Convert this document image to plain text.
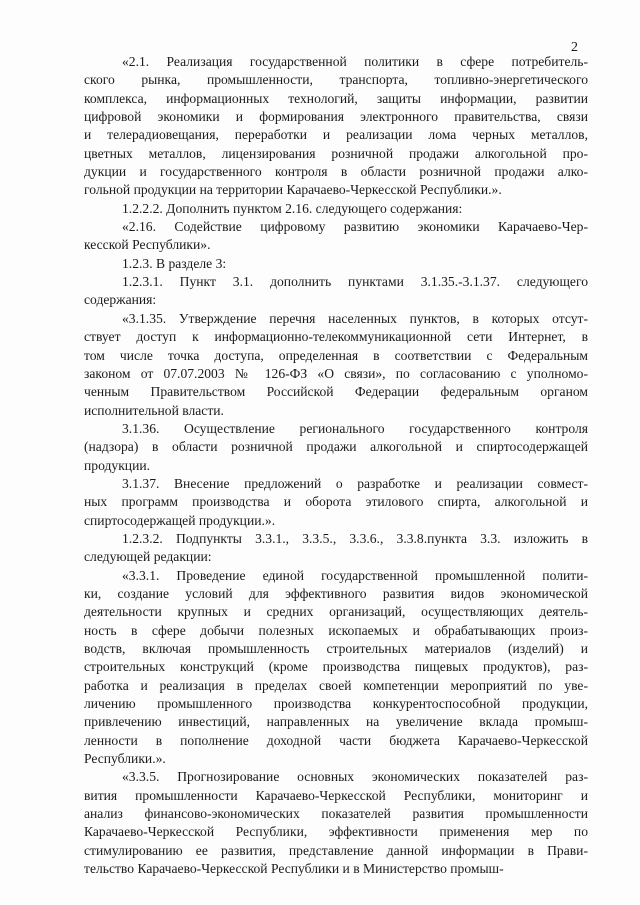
2
«2.1. Реализация государственной политики в сфере потребитель-
ского рынка, промышленности, транспорта, топливно-энергетического
комплекса, информационных технологий, защиты информации, развитии
цифровой экономики и формирования электронного правительства, связи
и телерадиовещания, переработки и реализации лома черных металлов,
цветных металлов, лицензирования розничной продажи алкогольной про-
дукции и государственного контроля в области розничной продажи алко-
гольной продукции на территории Карачаево-Черкесской Республики.».
1.2.2.2. Дополнить пунктом 2.16. следующего содержания:
«2.16. Содействие цифровому развитию экономики Карачаево-Чер-
кесской Республики».
1.2.3. В разделе 3:
1.2.3.1. Пункт 3.1. дополнить пунктами 3.1.35.-3.1.37. следующего
содержания:
«3.1.35. Утверждение перечня населенных пунктов, в которых отсут-
ствует доступ к информационно-телекоммуникационной сети Интернет, в
том числе точка доступа, определенная в соответствии с Федеральным
законом от 07.07.2003 № 126-ФЗ «О связи», по согласованию с уполномо-
ченным Правительством Российской Федерации федеральным органом
исполнительной власти.
3.1.36. Осуществление регионального государственного контроля
(надзора) в области розничной продажи алкогольной и спиртосодержащей
продукции.
3.1.37. Внесение предложений о разработке и реализации совмест-
ных программ производства и оборота этилового спирта, алкогольной и
спиртосодержащей продукции.».
1.2.3.2. Подпункты 3.3.1., 3.3.5., 3.3.6., 3.3.8.пункта 3.3. изложить в
следующей редакции:
«3.3.1. Проведение единой государственной промышленной полити-
ки, создание условий для эффективного развития видов экономической
деятельности крупных и средних организаций, осуществляющих деятель-
ность в сфере добычи полезных ископаемых и обрабатывающих произ-
водств, включая промышленность строительных материалов (изделий) и
строительных конструкций (кроме производства пищевых продуктов), раз-
работка и реализация в пределах своей компетенции мероприятий по уве-
личению промышленного производства конкурентоспособной продукции,
привлечению инвестиций, направленных на увеличение вклада промыш-
ленности в пополнение доходной части бюджета Карачаево-Черкесской
Республики.».
«3.3.5. Прогнозирование основных экономических показателей раз-
вития промышленности Карачаево-Черкесской Республики, мониторинг и
анализ финансово-экономических показателей развития промышленности
Карачаево-Черкесской Республики, эффективности применения мер по
стимулированию ее развития, представление данной информации в Прави-
тельство Карачаево-Черкесской Республики и в Министерство промыш-
